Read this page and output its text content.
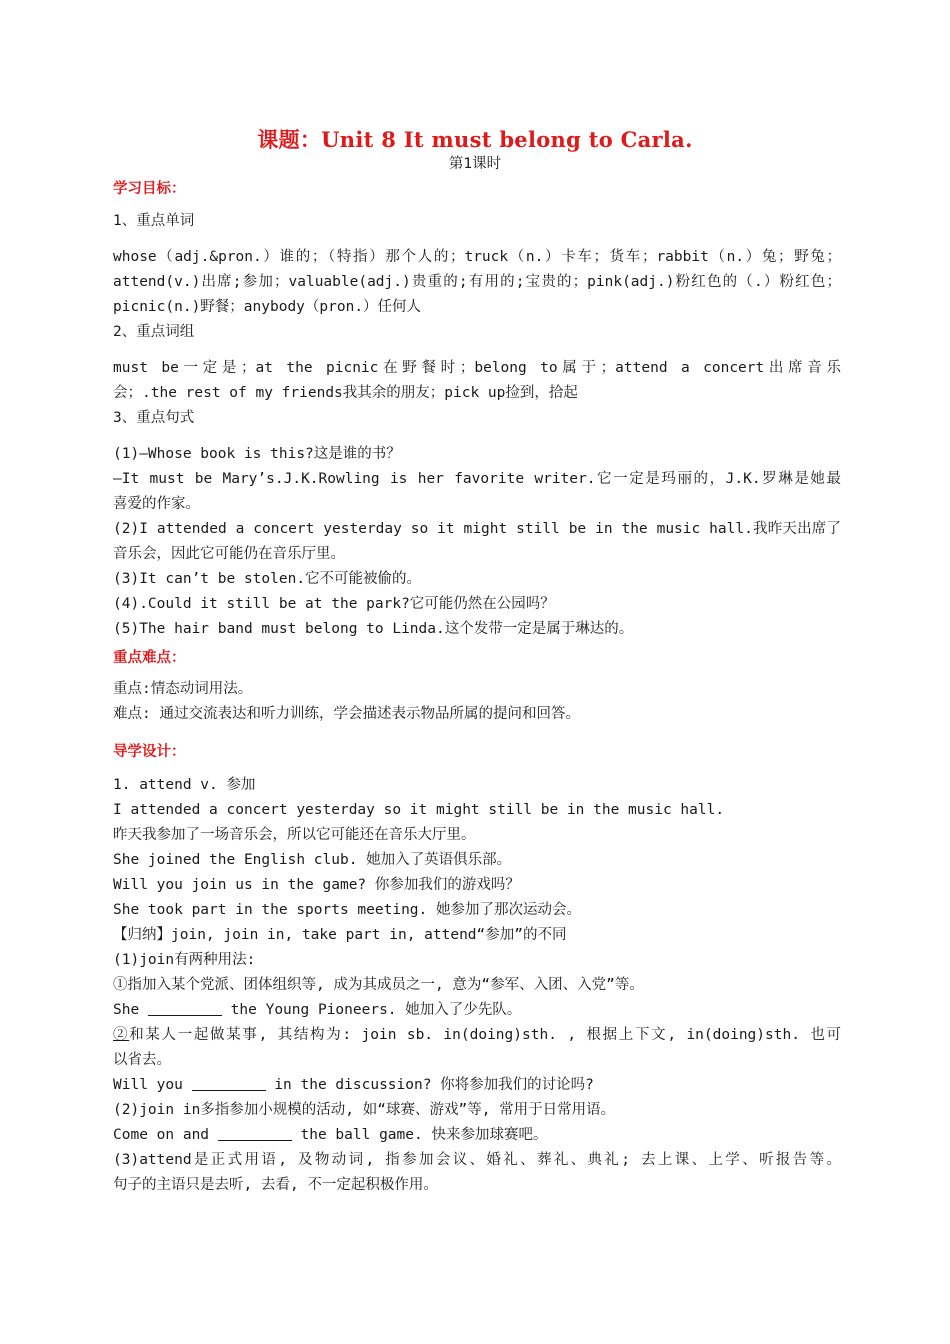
课题：Unit 8 It must belong to Carla.
第1课时
学习目标：
1、重点单词
whose（adj.&pron.）谁的；（特指）那个人的；truck（n.）卡车；货车；rabbit（n.）兔；野兔；
attend(v.)出席;参加；valuable(adj.)贵重的;有用的;宝贵的；pink(adj.)粉红色的（.）粉红色；
picnic(n.)野餐；anybody（pron.）任何人
2、重点词组
must be一定是；at the picnic在野餐时；belong to属于；attend a concert出席音乐
会；.the rest of my friends我其余的朋友；pick up捡到，拾起
3、重点句式
(1)—Whose book is this?这是谁的书？
—It must be Mary’s.J.K.Rowling is her favorite writer.它一定是玛丽的，J.K.罗琳是她最
喜爱的作家。
(2)I attended a concert yesterday so it might still be in the music hall.我昨天出席了
音乐会，因此它可能仍在音乐厅里。
(3)It can’t be stolen.它不可能被偷的。
(4).Could it still be at the park?它可能仍然在公园吗？
(5)The hair band must belong to Linda.这个发带一定是属于琳达的。
重点难点：
重点:情态动词用法。
难点: 通过交流表达和听力训练，学会描述表示物品所属的提问和回答。
导学设计：
1. attend v. 参加
I attended a concert yesterday so it might still be in the music hall.
昨天我参加了一场音乐会，所以它可能还在音乐大厅里。
She joined the English club. 她加入了英语俱乐部。
Will you join us in the game? 你参加我们的游戏吗？
She took part in the sports meeting. 她参加了那次运动会。
【归纳】join, join in, take part in, attend“参加”的不同
(1)join有两种用法:
①指加入某个党派、团体组织等, 成为其成员之一, 意为“参军、入团、入党”等。
She	the Young Pioneers. 她加入了少先队。
②和某人一起做某事, 其结构为: join sb. in(doing)sth. , 根据上下文, in(doing)sth. 也可
以省去。
Will you	in the discussion? 你将参加我们的讨论吗?
(2)join in多指参加小规模的活动, 如“球赛、游戏”等, 常用于日常用语。
Come on and	the ball game. 快来参加球赛吧。
(3)attend是正式用语, 及物动词, 指参加会议、婚礼、葬礼、典礼; 去上课、上学、听报告等。
句子的主语只是去听, 去看, 不一定起积极作用。
